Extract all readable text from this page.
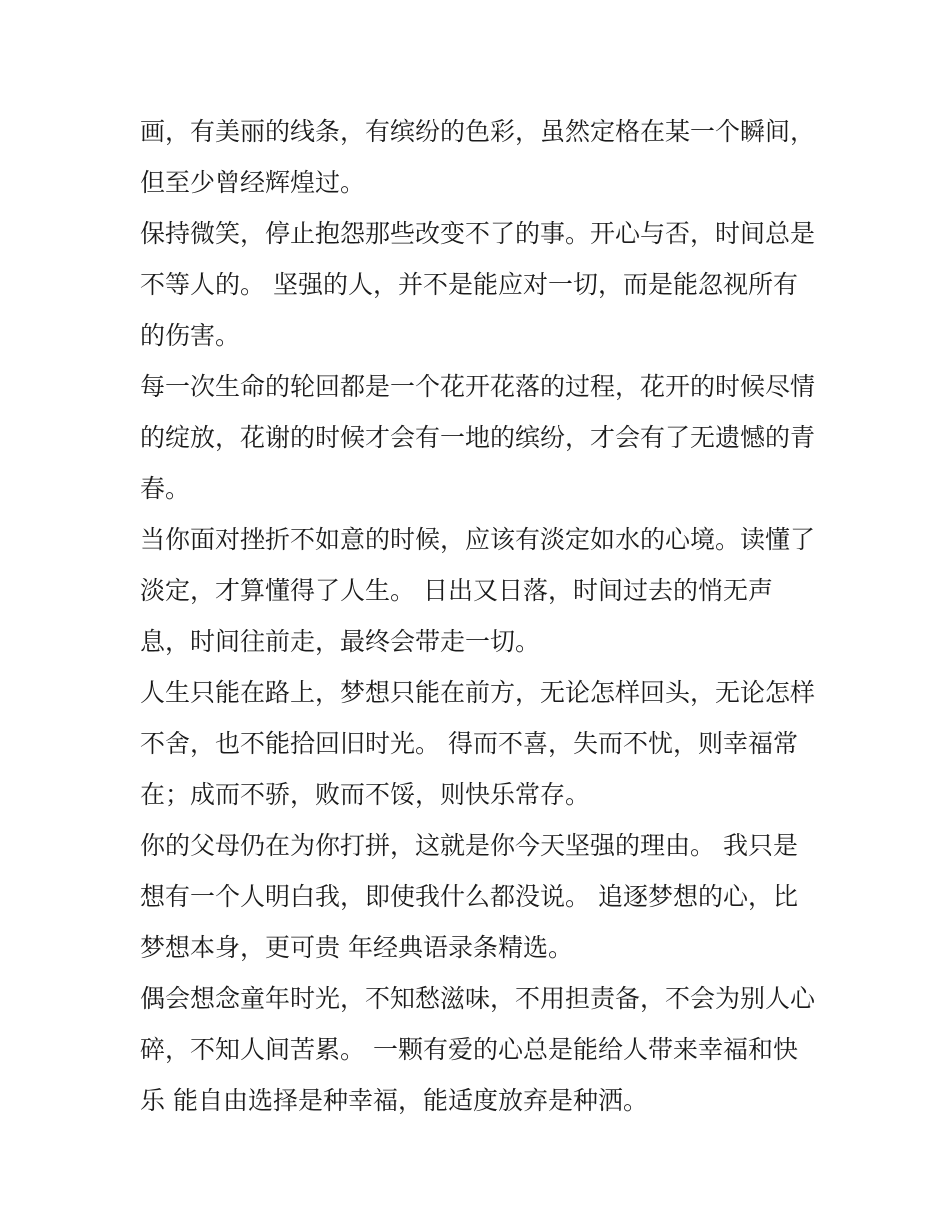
画，有美丽的线条，有缤纷的色彩，虽然定格在某一个瞬间，
但至少曾经辉煌过。

保持微笑，停止抱怨那些改变不了的事。开心与否，时间总是
不等人的。 坚强的人，并不是能应对一切，而是能忽视所有
的伤害。

每一次生命的轮回都是一个花开花落的过程，花开的时候尽情
的绽放，花谢的时候才会有一地的缤纷，才会有了无遗憾的青
春。

当你面对挫折不如意的时候，应该有淡定如水的心境。读懂了
淡定，才算懂得了人生。 日出又日落，时间过去的悄无声
息，时间往前走，最终会带走一切。

人生只能在路上，梦想只能在前方，无论怎样回头，无论怎样
不舍，也不能拾回旧时光。 得而不喜，失而不忧，则幸福常
在；成而不骄，败而不馁，则快乐常存。

你的父母仍在为你打拼，这就是你今天坚强的理由。 我只是
想有一个人明白我，即使我什么都没说。 追逐梦想的心，比
梦想本身，更可贵 年经典语录条精选。

偶会想念童年时光，不知愁滋味，不用担责备，不会为别人心
碎，不知人间苦累。 一颗有爱的心总是能给人带来幸福和快
乐 能自由选择是种幸福，能适度放弃是种洒。
